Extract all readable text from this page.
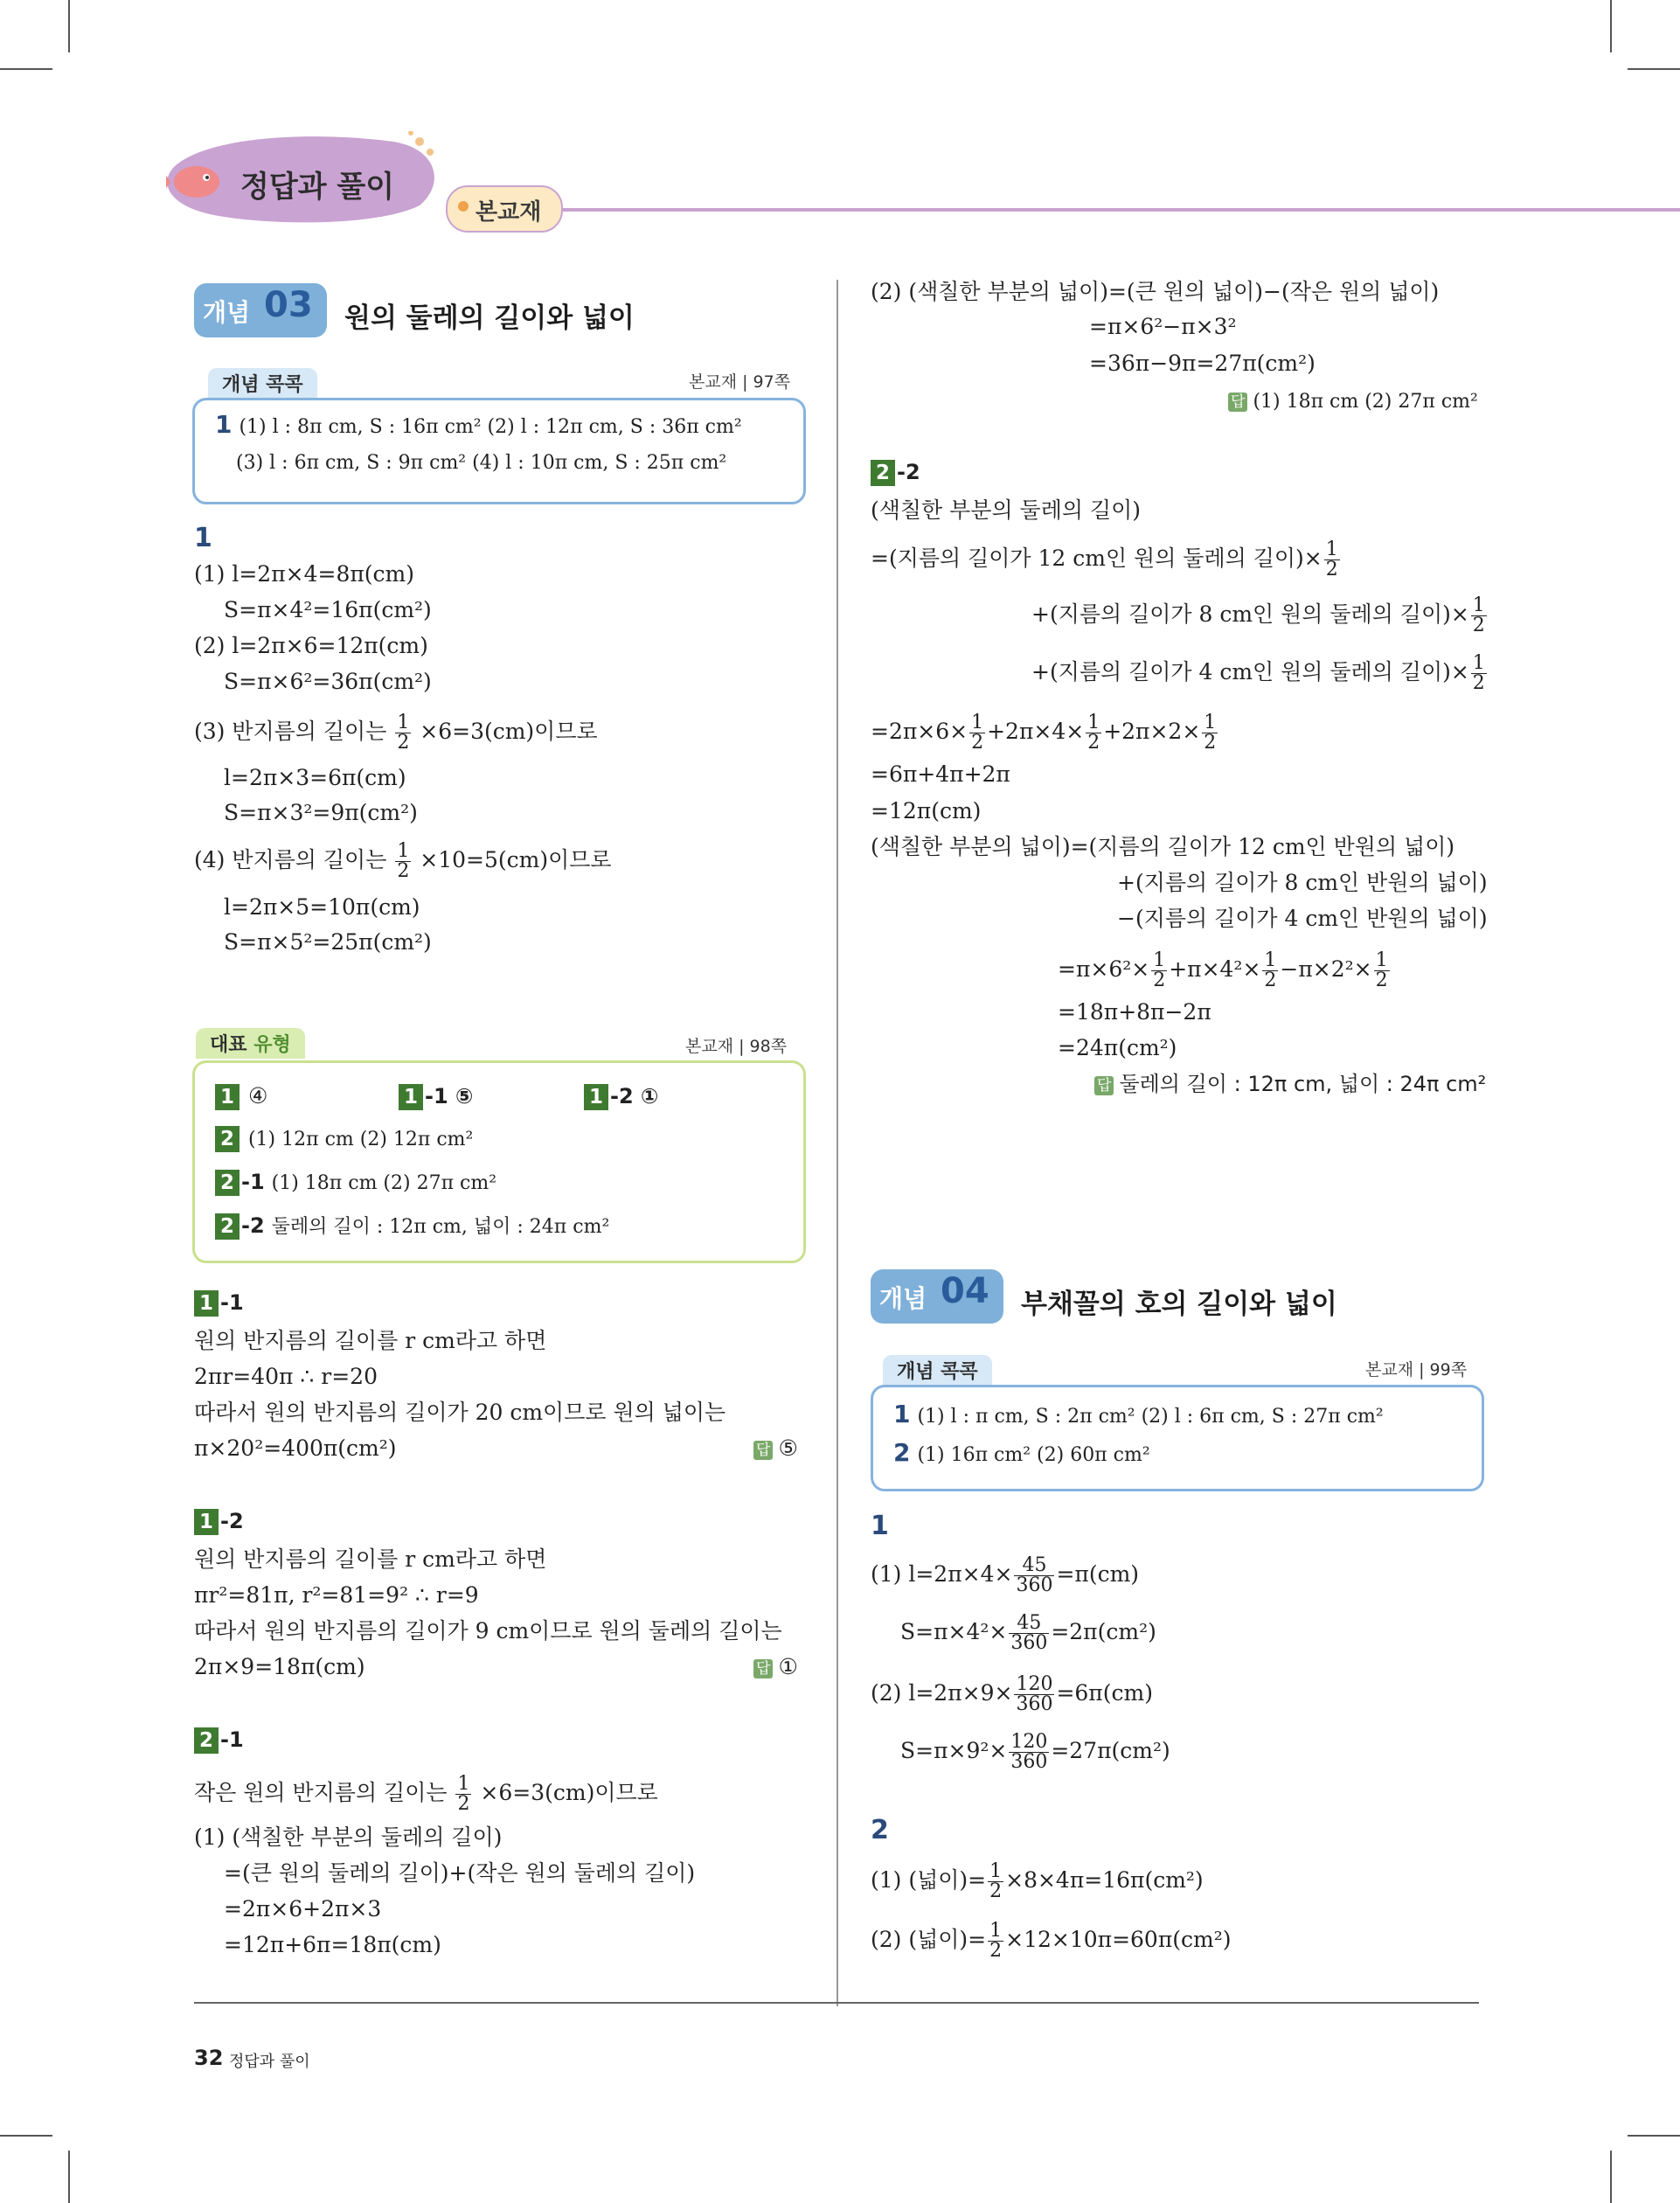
정답과 풀이
본교재
개념 03 원의 둘레의 길이와 넓이
개념 콕콕	본교재 | 97쪽
1 (1) l : 8π cm, S : 16π cm² (2) l : 12π cm, S : 36π cm²
(3) l : 6π cm, S : 9π cm² (4) l : 10π cm, S : 25π cm²
1
(1) l=2π×4=8π(cm)
S=π×4²=16π(cm²)
(2) l=2π×6=12π(cm)
S=π×6²=36π(cm²)
(3) 반지름의 길이는 $\frac{1}{2} \times 6=3(cm)$이므로
l=2π×3=6π(cm)
S=π×3²=9π(cm²)
(4) 반지름의 길이는 $\frac{1}{2} \times 10=5(cm)$이므로
l=2π×5=10π(cm)
S=π×5²=25π(cm²)
대표 유형	본교재 | 98쪽
1 ④	1 -1 ⑤	1 -2 ①
2 (1) 12π cm (2) 12π cm²
2 -1 (1) 18π cm (2) 27π cm²
2 -2 둘레의 길이 : 12π cm, 넓이 : 24π cm²
1 -1
원의 반지름의 길이를 r cm라고 하면
2πr=40π ∴ r=20
따라서 원의 반지름의 길이가 20 cm이므로 원의 넓이는
π×20²=400π(cm²)	답 ⑤
1 -2
원의 반지름의 길이를 r cm라고 하면
πr²=81π, r²=81=9² ∴ r=9
따라서 원의 반지름의 길이가 9 cm이므로 원의 둘레의 길이는
2π×9=18π(cm)	답 ①
2 -1
작은 원의 반지름의 길이는 $\frac{1}{2} \times 6=3(cm)$이므로
(1) (색칠한 부분의 둘레의 길이)
=(큰 원의 둘레의 길이)+(작은 원의 둘레의 길이)
=2π×6+2π×3
=12π+6π=18π(cm)
(2) (색칠한 부분의 넓이)=(큰 원의 넓이)−(작은 원의 넓이)
=π×6²−π×3²
=36π−9π=27π(cm²)
답 (1) 18π cm (2) 27π cm²
2 -2
(색칠한 부분의 둘레의 길이)
=(지름의 길이가 12 cm인 원의 둘레의 길이)× $\frac{1}{2}$
+(지름의 길이가 8 cm인 원의 둘레의 길이)× $\frac{1}{2}$
+(지름의 길이가 4 cm인 원의 둘레의 길이)× $\frac{1}{2}$
$=2\pi\times 6\times \frac{1}{2} +2\pi\times 4\times \frac{1}{2} +2\pi\times 2\times \frac{1}{2}$
=6π+4π+2π
=12π(cm)
(색칠한 부분의 넓이)=(지름의 길이가 12 cm인 반원의 넓이)
+(지름의 길이가 8 cm인 반원의 넓이)
−(지름의 길이가 4 cm인 반원의 넓이)
$=\pi\times 6^2\times \frac{1}{2} +\pi\times 4^2\times \frac{1}{2} -\pi\times 2^2\times \frac{1}{2}$
=18π+8π−2π
=24π(cm²)
답 둘레의 길이 : 12π cm, 넓이 : 24π cm²
개념 04 부채꼴의 호의 길이와 넓이
개념 콕콕	본교재 | 99쪽
1 (1) l : π cm, S : 2π cm² (2) l : 6π cm, S : 27π cm²
2 (1) 16π cm² (2) 60π cm²
1
(1) $l=2\pi\times 4\times \frac{45}{360} =\pi(cm)$
$S=\pi\times 4^2\times \frac{45}{360} =2\pi(cm^2)$
(2) $l=2\pi\times 9\times \frac{120}{360} =6\pi(cm)$
$S=\pi\times 9^2\times \frac{120}{360} =27\pi(cm^2)$
2
(1) (넓이)= $\frac{1}{2} \times 8\times 4\pi=16\pi(cm^2)$
(2) (넓이)= $\frac{1}{2} \times 12\times 10\pi=60\pi(cm^2)$
32 정답과 풀이
